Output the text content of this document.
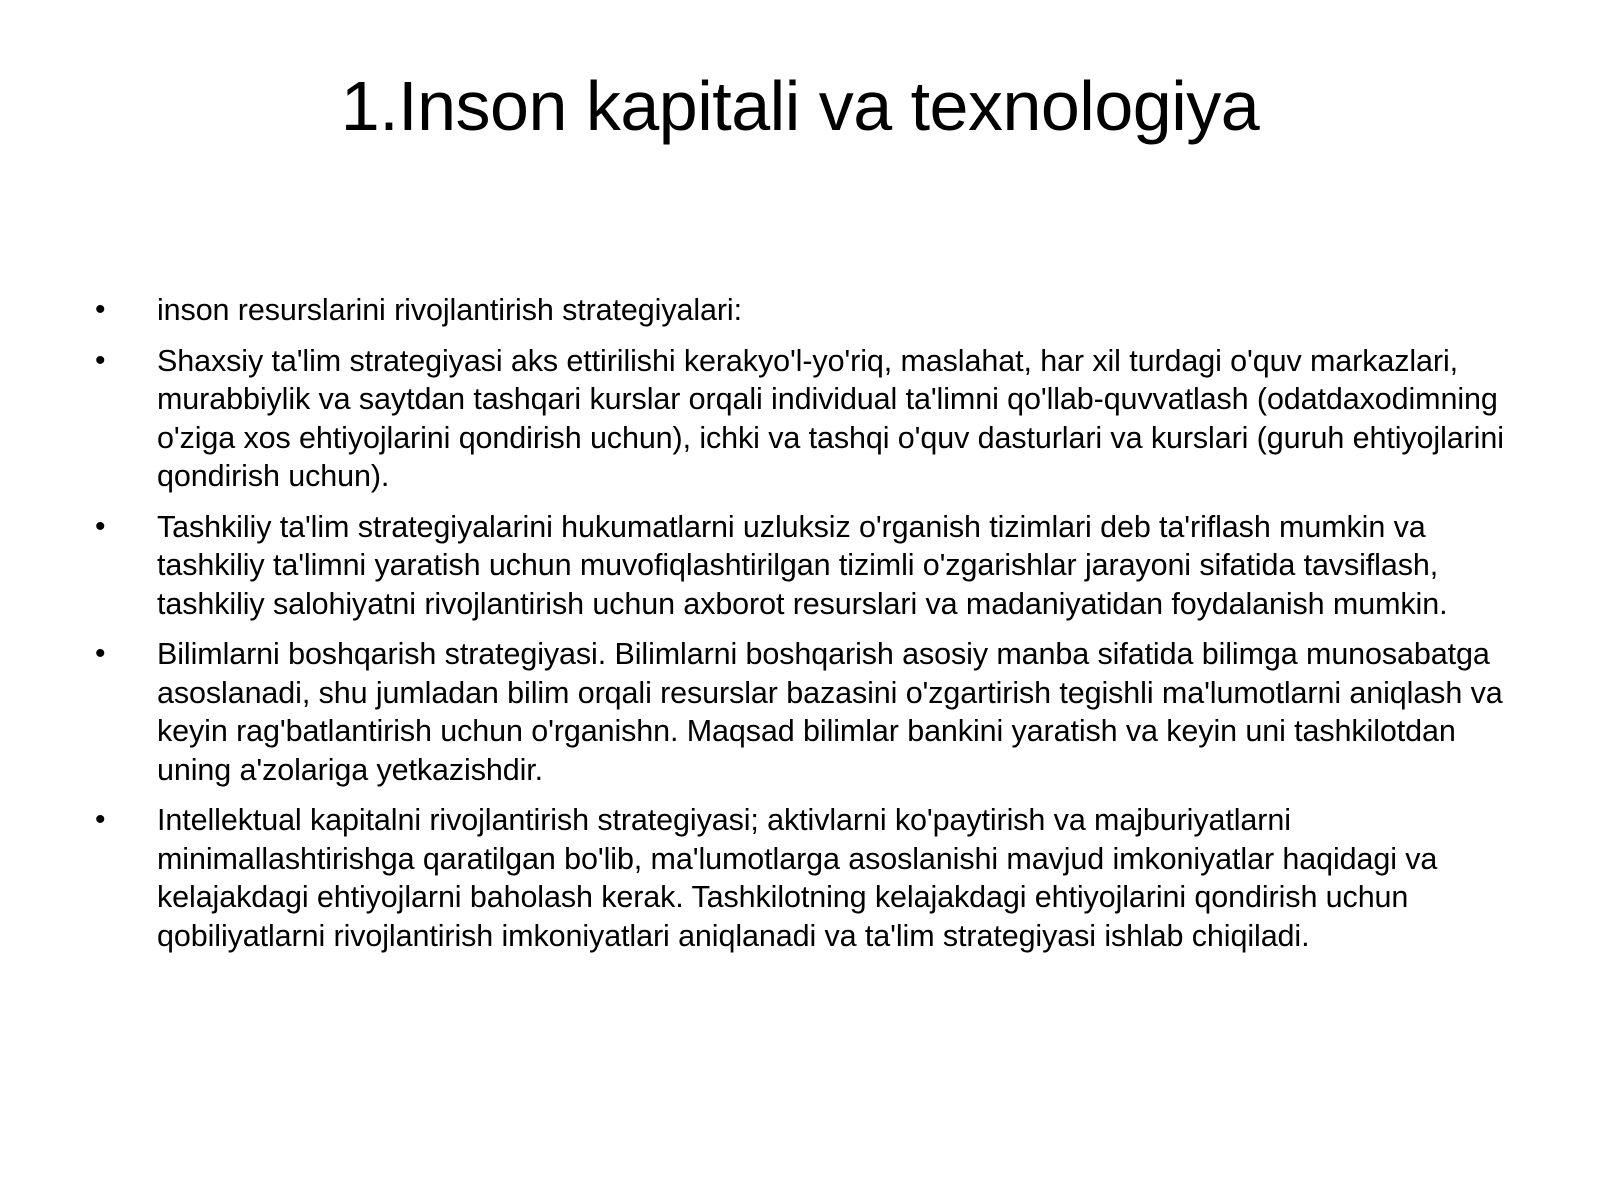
1.Inson kapitali va texnologiya
• inson resurslarini rivojlantirish strategiyalari:
• Shaxsiy ta'lim strategiyasi aks ettirilishi kerakyo'l-yo'riq, maslahat, har xil turdagi o'quv markazlari, murabbiylik va saytdan tashqari kurslar orqali individual ta'limni qo'llab-quvvatlash (odatdaxodimning o'ziga xos ehtiyojlarini qondirish uchun), ichki va tashqi o'quv dasturlari va kurslari (guruh ehtiyojlarini qondirish uchun).
• Tashkiliy ta'lim strategiyalarini hukumatlarni uzluksiz o'rganish tizimlari deb ta'riflash mumkin va tashkiliy ta'limni yaratish uchun muvofiqlashtirilgan tizimli o'zgarishlar jarayoni sifatida tavsiflash, tashkiliy salohiyatni rivojlantirish uchun axborot resurslari va madaniyatidan foydalanish mumkin.
• Bilimlarni boshqarish strategiyasi. Bilimlarni boshqarish asosiy manba sifatida bilimga munosabatga asoslanadi, shu jumladan bilim orqali resurslar bazasini o'zgartirish tegishli ma'lumotlarni aniqlash va keyin rag'batlantirish uchun o'rganishn. Maqsad bilimlar bankini yaratish va keyin uni tashkilotdan uning a'zolariga yetkazishdir.
• Intellektual kapitalni rivojlantirish strategiyasi; aktivlarni ko'paytirish va majburiyatlarni minimallashtirishga qaratilgan bo'lib, ma'lumotlarga asoslanishi mavjud imkoniyatlar haqidagi va kelajakdagi ehtiyojlarni baholash kerak. Tashkilotning kelajakdagi ehtiyojlarini qondirish uchun qobiliyatlarni rivojlantirish imkoniyatlari aniqlanadi va ta'lim strategiyasi ishlab chiqiladi.
